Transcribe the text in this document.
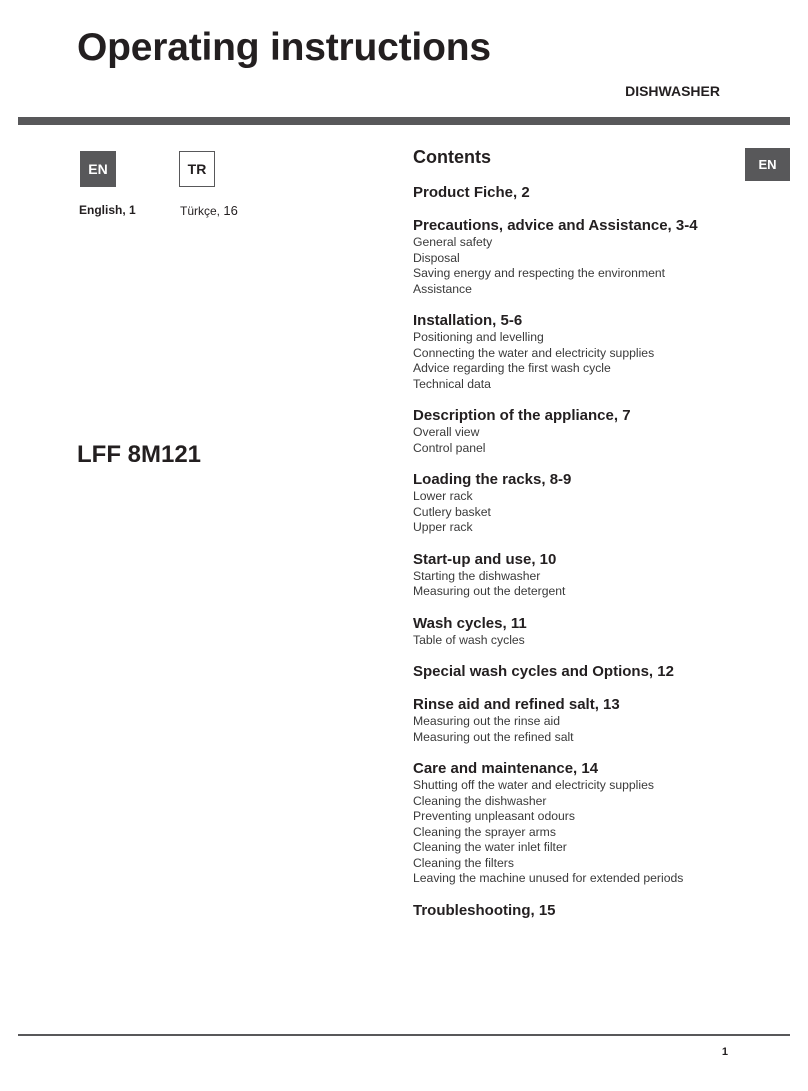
Operating instructions
DISHWASHER
EN	TR
English, 1	Türkçe, 16
LFF 8M121
EN
Contents
Product Fiche, 2
Precautions, advice and Assistance, 3-4
General safety
Disposal
Saving energy and respecting the environment
Assistance
Installation, 5-6
Positioning and levelling
Connecting the water and electricity supplies
Advice regarding the first wash cycle
Technical data
Description of the appliance, 7
Overall view
Control panel
Loading the racks, 8-9
Lower rack
Cutlery basket
Upper rack
Start-up and use, 10
Starting the dishwasher
Measuring out the detergent
Wash cycles, 11
Table of wash cycles
Special wash cycles and Options, 12
Rinse aid and refined salt, 13
Measuring out the rinse aid
Measuring out the refined salt
Care and maintenance, 14
Shutting off the water and electricity supplies
Cleaning the dishwasher
Preventing unpleasant odours
Cleaning the sprayer arms
Cleaning the water inlet filter
Cleaning the filters
Leaving the machine unused for extended periods
Troubleshooting, 15
1
